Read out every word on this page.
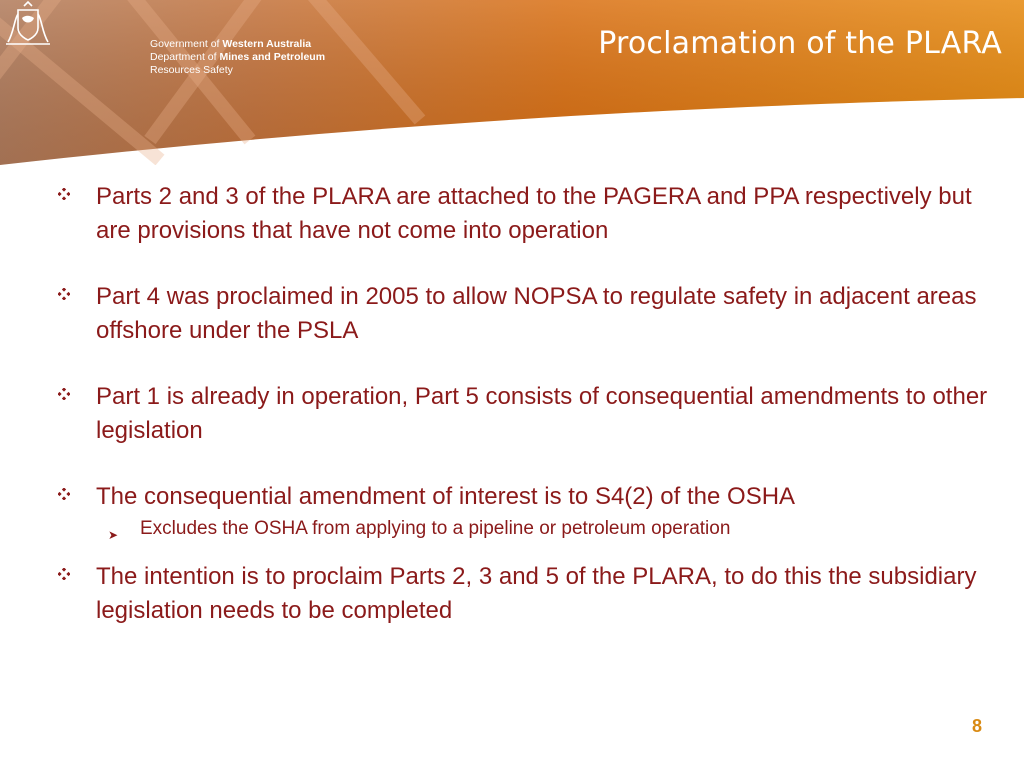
Government of Western Australia
Department of Mines and Petroleum
Resources Safety
Proclamation of the PLARA
Parts 2 and 3 of the PLARA are attached to the PAGERA and PPA respectively but are provisions that have not come into operation
Part 4 was proclaimed in 2005 to allow NOPSA to regulate safety in adjacent areas offshore under the PSLA
Part 1 is already in operation, Part 5 consists of consequential amendments to other legislation
The consequential amendment of interest is to S4(2) of the OSHA
➤ Excludes the OSHA from applying to a pipeline or petroleum operation
The intention is to proclaim Parts 2, 3 and 5 of the PLARA, to do this the subsidiary legislation needs to be completed
8
